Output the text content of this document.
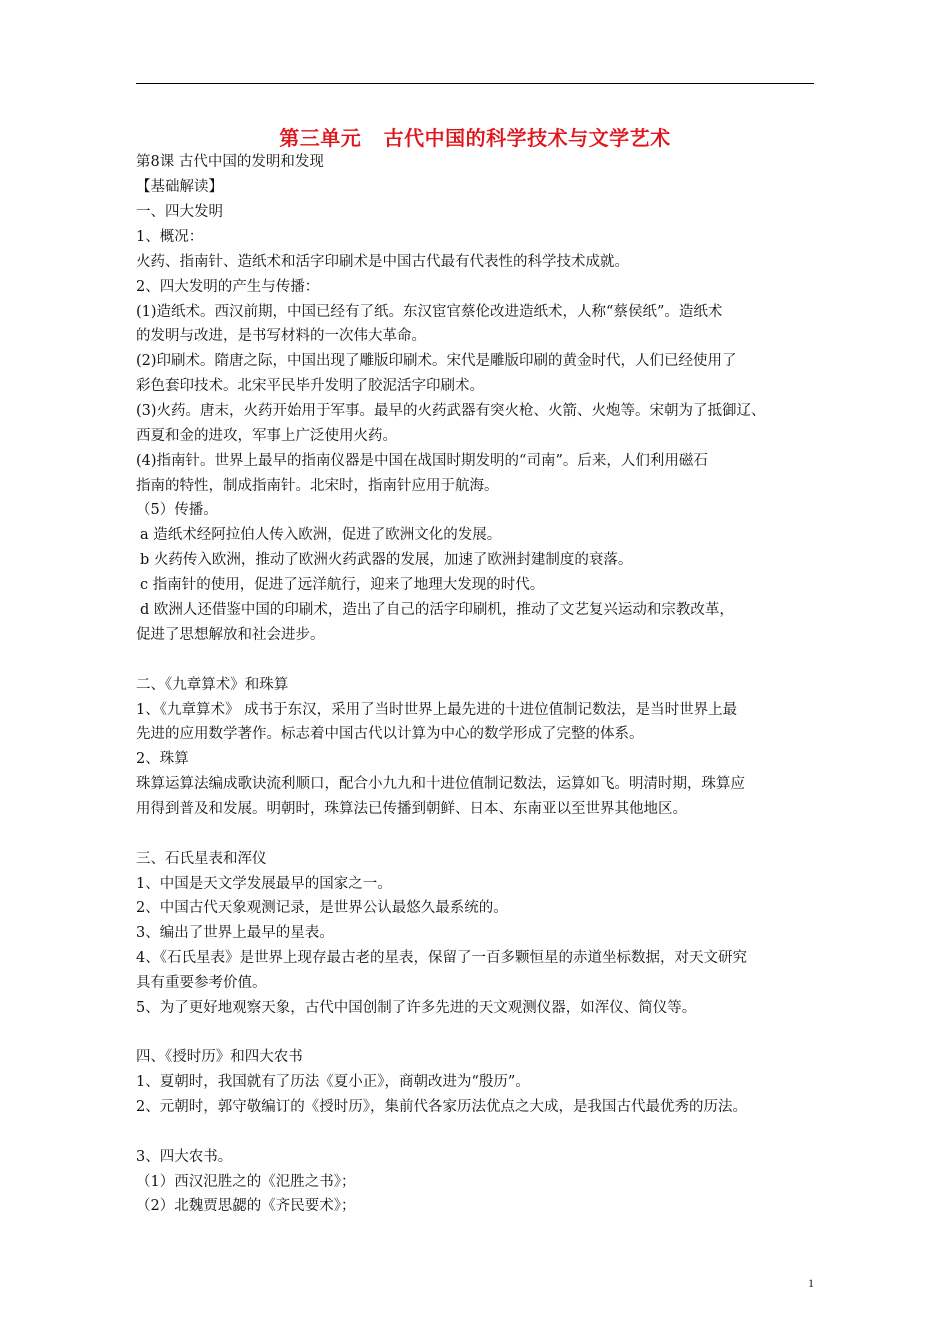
第三单元   古代中国的科学技术与文学艺术
第8课 古代中国的发明和发现
【基础解读】
一、四大发明
1、概况：
火药、指南针、造纸术和活字印刷术是中国古代最有代表性的科学技术成就。
2、四大发明的产生与传播：
(1)造纸术。西汉前期，中国已经有了纸。东汉宦官蔡伦改进造纸术，人称“蔡侯纸”。造纸术
的发明与改进，是书写材料的一次伟大革命。
(2)印刷术。隋唐之际，中国出现了雕版印刷术。宋代是雕版印刷的黄金时代，人们已经使用了
彩色套印技术。北宋平民毕升发明了胶泥活字印刷术。
(3)火药。唐末，火药开始用于军事。最早的火药武器有突火枪、火箭、火炮等。宋朝为了抵御辽、
西夏和金的进攻，军事上广泛使用火药。
(4)指南针。世界上最早的指南仪器是中国在战国时期发明的“司南”。后来，人们利用磁石
指南的特性，制成指南针。北宋时，指南针应用于航海。
（5）传播。
a 造纸术经阿拉伯人传入欧洲，促进了欧洲文化的发展。
b 火药传入欧洲，推动了欧洲火药武器的发展，加速了欧洲封建制度的衰落。
c 指南针的使用，促进了远洋航行，迎来了地理大发现的时代。
d 欧洲人还借鉴中国的印刷术，造出了自己的活字印刷机，推动了文艺复兴运动和宗教改革，
促进了思想解放和社会进步。
二、《九章算术》和珠算
1、《九章算术》 成书于东汉，采用了当时世界上最先进的十进位值制记数法，是当时世界上最
先进的应用数学著作。标志着中国古代以计算为中心的数学形成了完整的体系。
2、珠算
珠算运算法编成歌诀流利顺口，配合小九九和十进位值制记数法，运算如飞。明清时期，珠算应
用得到普及和发展。明朝时，珠算法已传播到朝鲜、日本、东南亚以至世界其他地区。
三、石氏星表和浑仪
1、中国是天文学发展最早的国家之一。
2、中国古代天象观测记录，是世界公认最悠久最系统的。
3、编出了世界上最早的星表。
4、《石氏星表》是世界上现存最古老的星表，保留了一百多颗恒星的赤道坐标数据，对天文研究
具有重要参考价值。
5、为了更好地观察天象，古代中国创制了许多先进的天文观测仪器，如浑仪、简仪等。
四、《授时历》和四大农书
1、夏朝时，我国就有了历法《夏小正》，商朝改进为“殷历”。
2、元朝时，郭守敬编订的《授时历》，集前代各家历法优点之大成，是我国古代最优秀的历法。
3、四大农书。
（1）西汉氾胜之的《氾胜之书》；
（2）北魏贾思勰的《齐民要术》；
1
